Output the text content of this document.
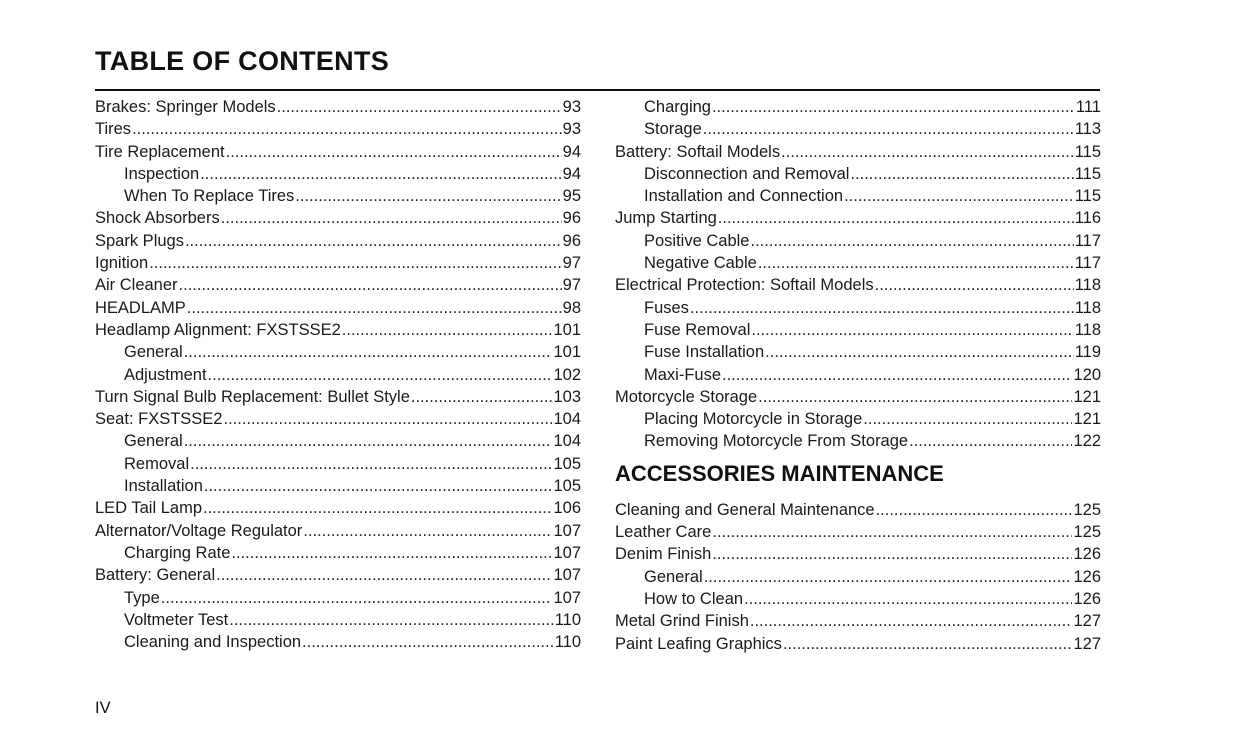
TABLE OF CONTENTS
Brakes: Springer Models .....	93
Tires .....	93
Tire Replacement .....	94
Inspection .....	94
When To Replace Tires .....	95
Shock Absorbers .....	96
Spark Plugs .....	96
Ignition .....	97
Air Cleaner .....	97
HEADLAMP .....	98
Headlamp Alignment: FXSTSSE2 .....	101
General .....	101
Adjustment .....	102
Turn Signal Bulb Replacement: Bullet Style .....	103
Seat: FXSTSSE2 .....	104
General .....	104
Removal .....	105
Installation .....	105
LED Tail Lamp .....	106
Alternator/Voltage Regulator .....	107
Charging Rate .....	107
Battery: General .....	107
Type .....	107
Voltmeter Test .....	110
Cleaning and Inspection .....	110
Charging .....	111
Storage .....	113
Battery: Softail Models .....	115
Disconnection and Removal .....	115
Installation and Connection .....	115
Jump Starting .....	116
Positive Cable .....	117
Negative Cable .....	117
Electrical Protection: Softail Models .....	118
Fuses .....	118
Fuse Removal .....	118
Fuse Installation .....	119
Maxi-Fuse .....	120
Motorcycle Storage .....	121
Placing Motorcycle in Storage .....	121
Removing Motorcycle From Storage .....	122
ACCESSORIES MAINTENANCE
Cleaning and General Maintenance .....	125
Leather Care .....	125
Denim Finish .....	126
General .....	126
How to Clean .....	126
Metal Grind Finish .....	127
Paint Leafing Graphics .....	127
IV
